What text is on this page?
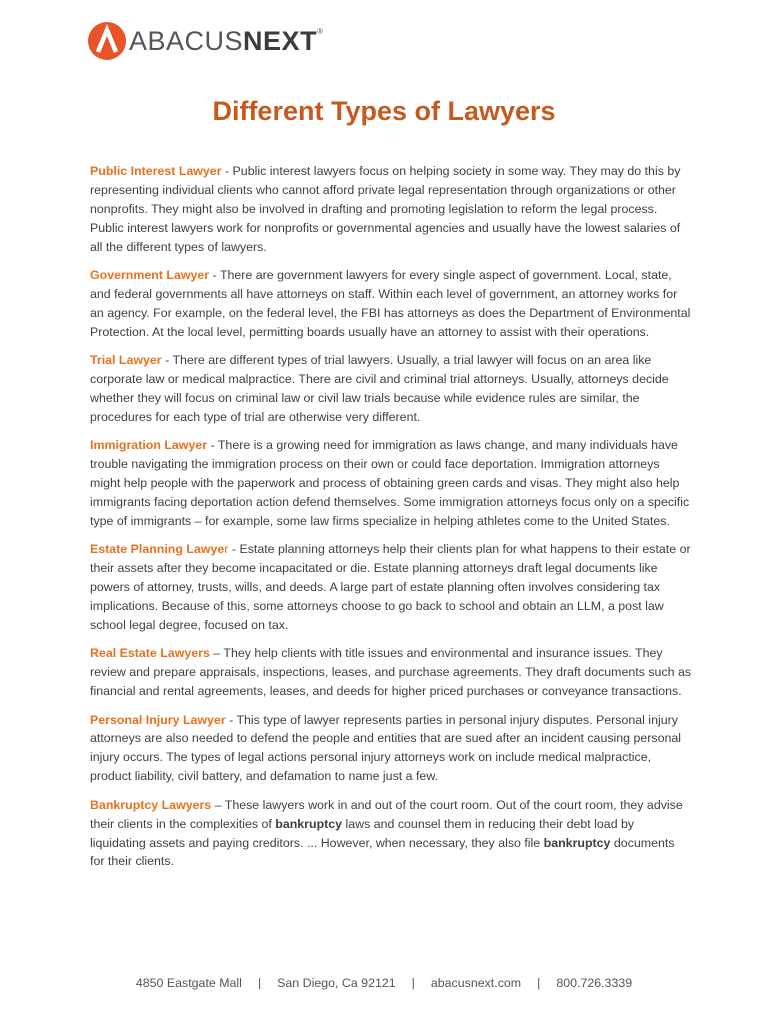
ABACUSNEXT®
Different Types of Lawyers

Public Interest Lawyer - Public interest lawyers focus on helping society in some way. They may do this by representing individual clients who cannot afford private legal representation through organizations or other nonprofits. They might also be involved in drafting and promoting legislation to reform the legal process. Public interest lawyers work for nonprofits or governmental agencies and usually have the lowest salaries of all the different types of lawyers.

Government Lawyer - There are government lawyers for every single aspect of government. Local, state, and federal governments all have attorneys on staff. Within each level of government, an attorney works for an agency. For example, on the federal level, the FBI has attorneys as does the Department of Environmental Protection. At the local level, permitting boards usually have an attorney to assist with their operations.

Trial Lawyer - There are different types of trial lawyers. Usually, a trial lawyer will focus on an area like corporate law or medical malpractice. There are civil and criminal trial attorneys. Usually, attorneys decide whether they will focus on criminal law or civil law trials because while evidence rules are similar, the procedures for each type of trial are otherwise very different.

Immigration Lawyer - There is a growing need for immigration as laws change, and many individuals have trouble navigating the immigration process on their own or could face deportation. Immigration attorneys might help people with the paperwork and process of obtaining green cards and visas. They might also help immigrants facing deportation action defend themselves. Some immigration attorneys focus only on a specific type of immigrants – for example, some law firms specialize in helping athletes come to the United States.

Estate Planning Lawyer - Estate planning attorneys help their clients plan for what happens to their estate or their assets after they become incapacitated or die. Estate planning attorneys draft legal documents like powers of attorney, trusts, wills, and deeds. A large part of estate planning often involves considering tax implications. Because of this, some attorneys choose to go back to school and obtain an LLM, a post law school legal degree, focused on tax.

Real Estate Lawyers – They help clients with title issues and environmental and insurance issues. They review and prepare appraisals, inspections, leases, and purchase agreements. They draft documents such as financial and rental agreements, leases, and deeds for higher priced purchases or conveyance transactions.

Personal Injury Lawyer - This type of lawyer represents parties in personal injury disputes. Personal injury attorneys are also needed to defend the people and entities that are sued after an incident causing personal injury occurs. The types of legal actions personal injury attorneys work on include medical malpractice, product liability, civil battery, and defamation to name just a few.

Bankruptcy Lawyers – These lawyers work in and out of the court room. Out of the court room, they advise their clients in the complexities of bankruptcy laws and counsel them in reducing their debt load by liquidating assets and paying creditors. ... However, when necessary, they also file bankruptcy documents for their clients.

4850 Eastgate Mall | San Diego, Ca 92121 | abacusnext.com | 800.726.3339
